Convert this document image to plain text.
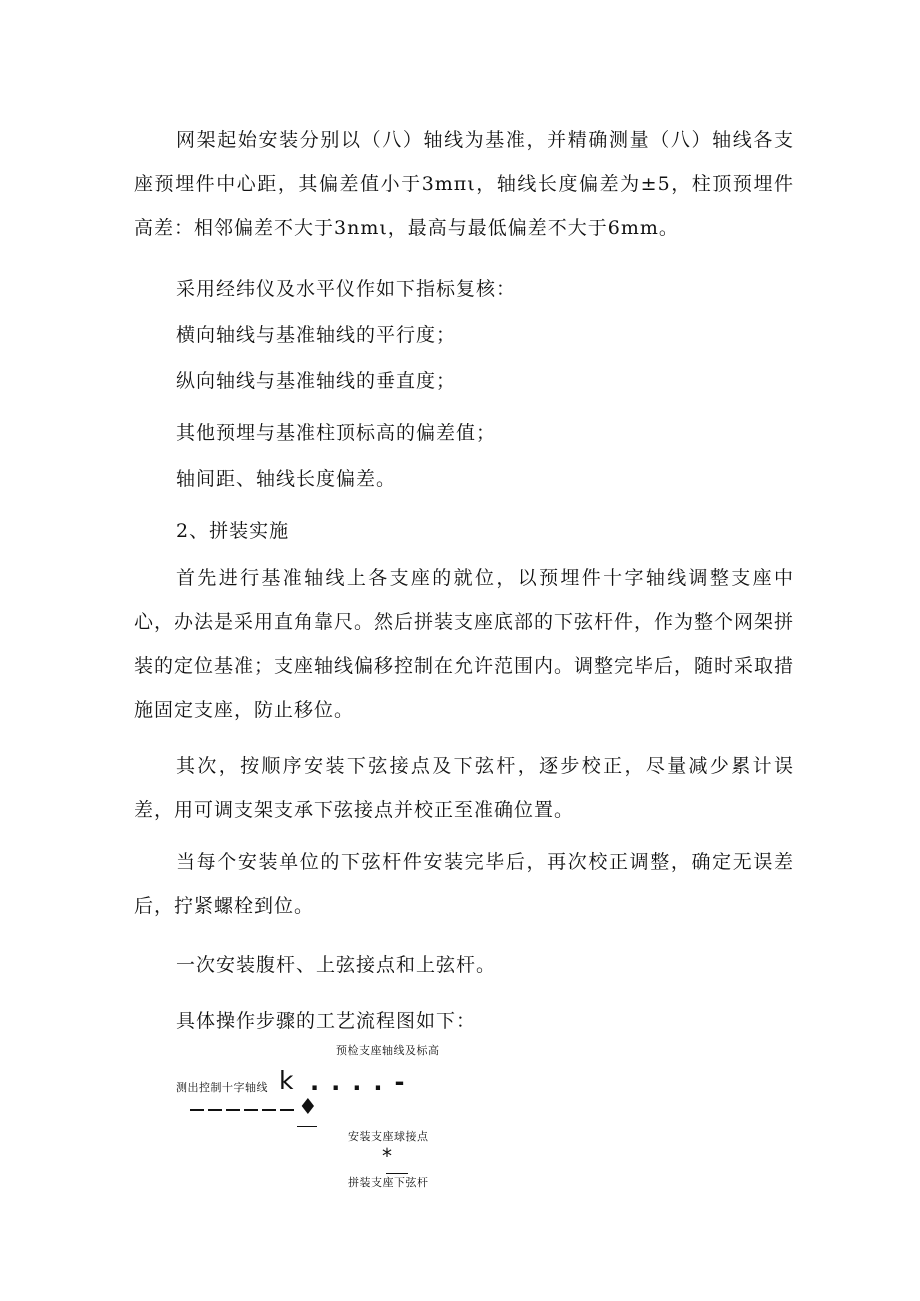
网架起始安装分别以（八）轴线为基准，并精确测量（八）轴线各支座预埋件中心距，其偏差值小于3mπι，轴线长度偏差为±5，柱顶预埋件高差：相邻偏差不大于3nmι，最高与最低偏差不大于6mm。

采用经纬仪及水平仪作如下指标复核：
横向轴线与基准轴线的平行度；
纵向轴线与基准轴线的垂直度；
其他预埋与基准柱顶标高的偏差值；
轴间距、轴线长度偏差。
2、拼装实施

首先进行基准轴线上各支座的就位，以预埋件十字轴线调整支座中心，办法是采用直角靠尺。然后拼装支座底部的下弦杆件，作为整个网架拼装的定位基准；支座轴线偏移控制在允许范围内。调整完毕后，随时采取措施固定支座，防止移位。

其次，按顺序安装下弦接点及下弦杆，逐步校正，尽量减少累计误差，用可调支架支承下弦接点并校正至准确位置。

当每个安装单位的下弦杆件安装完毕后，再次校正调整，确定无误差后，拧紧螺栓到位。

一次安装腹杆、上弦接点和上弦杆。
具体操作步骤的工艺流程图如下：
预检支座轴线及标高
测出控制十字轴线 k ....-
♦
安装支座球接点
*
拼装支座下弦杆
